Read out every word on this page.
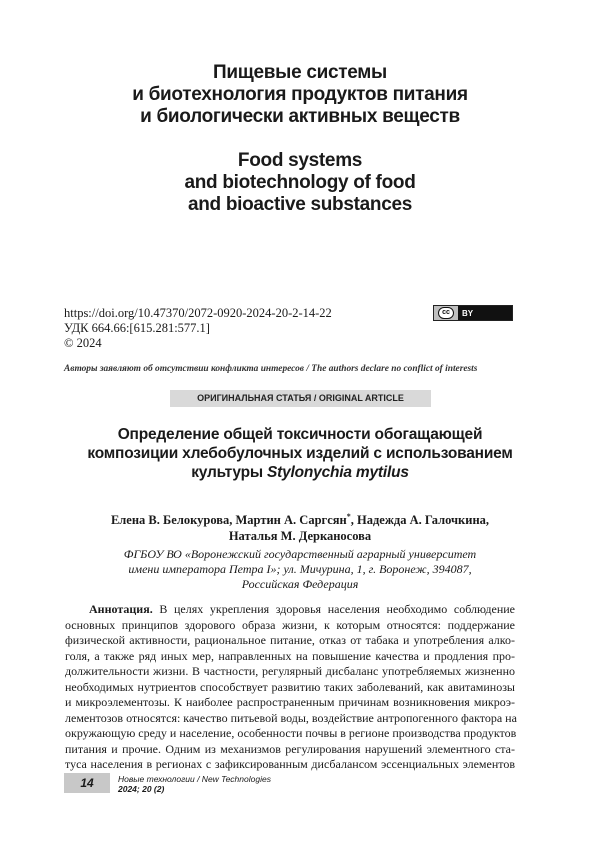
Пищевые системы
и биотехнология продуктов питания
и биологически активных веществ
Food systems
and biotechnology of food
and bioactive substances
https://doi.org/10.47370/2072-0920-2024-20-2-14-22
УДК 664.66:[615.281:577.1]
© 2024
cc	BY
Авторы заявляют об отсутствии конфликта интересов / The authors declare no conflict of interests
ОРИГИНАЛЬНАЯ СТАТЬЯ / ORIGINAL ARTICLE
Определение общей токсичности обогащающей
композиции хлебобулочных изделий с использованием
культуры Stylonychia mytilus
Елена В. Белокурова, Мартин А. Саргсян*, Надежда А. Галочкина,
Наталья М. Дерканосова
ФГБОУ ВО «Воронежский государственный аграрный университет
имени императора Петра I»; ул. Мичурина, 1, г. Воронеж, 394087,
Российская Федерация
Аннотация. В целях укрепления здоровья населения необходимо соблюдение
основных принципов здорового образа жизни, к которым относятся: поддержание
физической активности, рациональное питание, отказ от табака и употребления алко-
голя, а также ряд иных мер, направленных на повышение качества и продления про-
должительности жизни. В частности, регулярный дисбаланс употребляемых жизненно
необходимых нутриентов способствует развитию таких заболеваний, как авитаминозы
и микроэлементозы. К наиболее распространенным причинам возникновения микроэ-
лементозов относятся: качество питьевой воды, воздействие антропогенного фактора на
окружающую среду и население, особенности почвы в регионе производства продуктов
питания и прочие. Одним из механизмов регулирования нарушений элементного ста-
туса населения в регионах с зафиксированным дисбалансом эссенциальных элементов
14	Новые технологии / New Technologies
2024; 20 (2)
